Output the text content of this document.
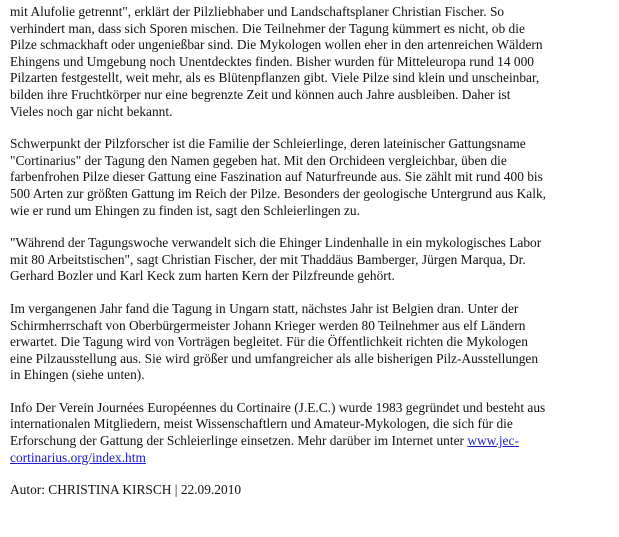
mit Alufolie getrennt", erklärt der Pilzliebhaber und Landschaftsplaner Christian Fischer. So
verhindert man, dass sich Sporen mischen. Die Teilnehmer der Tagung kümmert es nicht, ob die
Pilze schmackhaft oder ungenießbar sind. Die Mykologen wollen eher in den artenreichen Wäldern
Ehingens und Umgebung noch Unentdecktes finden. Bisher wurden für Mitteleuropa rund 14 000
Pilzarten festgestellt, weit mehr, als es Blütenpflanzen gibt. Viele Pilze sind klein und unscheinbar,
bilden ihre Fruchtkörper nur eine begrenzte Zeit und können auch Jahre ausbleiben. Daher ist
Vieles noch gar nicht bekannt.

Schwerpunkt der Pilzforscher ist die Familie der Schleierlinge, deren lateinischer Gattungsname
"Cortinarius" der Tagung den Namen gegeben hat. Mit den Orchideen vergleichbar, üben die
farbenfrohen Pilze dieser Gattung eine Faszination auf Naturfreunde aus. Sie zählt mit rund 400 bis
500 Arten zur größten Gattung im Reich der Pilze. Besonders der geologische Untergrund aus Kalk,
wie er rund um Ehingen zu finden ist, sagt den Schleierlingen zu.

"Während der Tagungswoche verwandelt sich die Ehinger Lindenhalle in ein mykologisches Labor
mit 80 Arbeitstischen", sagt Christian Fischer, der mit Thaddäus Bamberger, Jürgen Marqua, Dr.
Gerhard Bozler und Karl Keck zum harten Kern der Pilzfreunde gehört.

Im vergangenen Jahr fand die Tagung in Ungarn statt, nächstes Jahr ist Belgien dran. Unter der
Schirmherrschaft von Oberbürgermeister Johann Krieger werden 80 Teilnehmer aus elf Ländern
erwartet. Die Tagung wird von Vorträgen begleitet. Für die Öffentlichkeit richten die Mykologen
eine Pilzausstellung aus. Sie wird größer und umfangreicher als alle bisherigen Pilz-Ausstellungen
in Ehingen (siehe unten).

Info Der Verein Journées Européennes du Cortinaire (J.E.C.) wurde 1983 gegründet und besteht aus
internationalen Mitgliedern, meist Wissenschaftlern und Amateur-Mykologen, die sich für die
Erforschung der Gattung der Schleierlinge einsetzen. Mehr darüber im Internet unter www.jec-
cortinarius.org/index.htm

Autor: CHRISTINA KIRSCH | 22.09.2010
